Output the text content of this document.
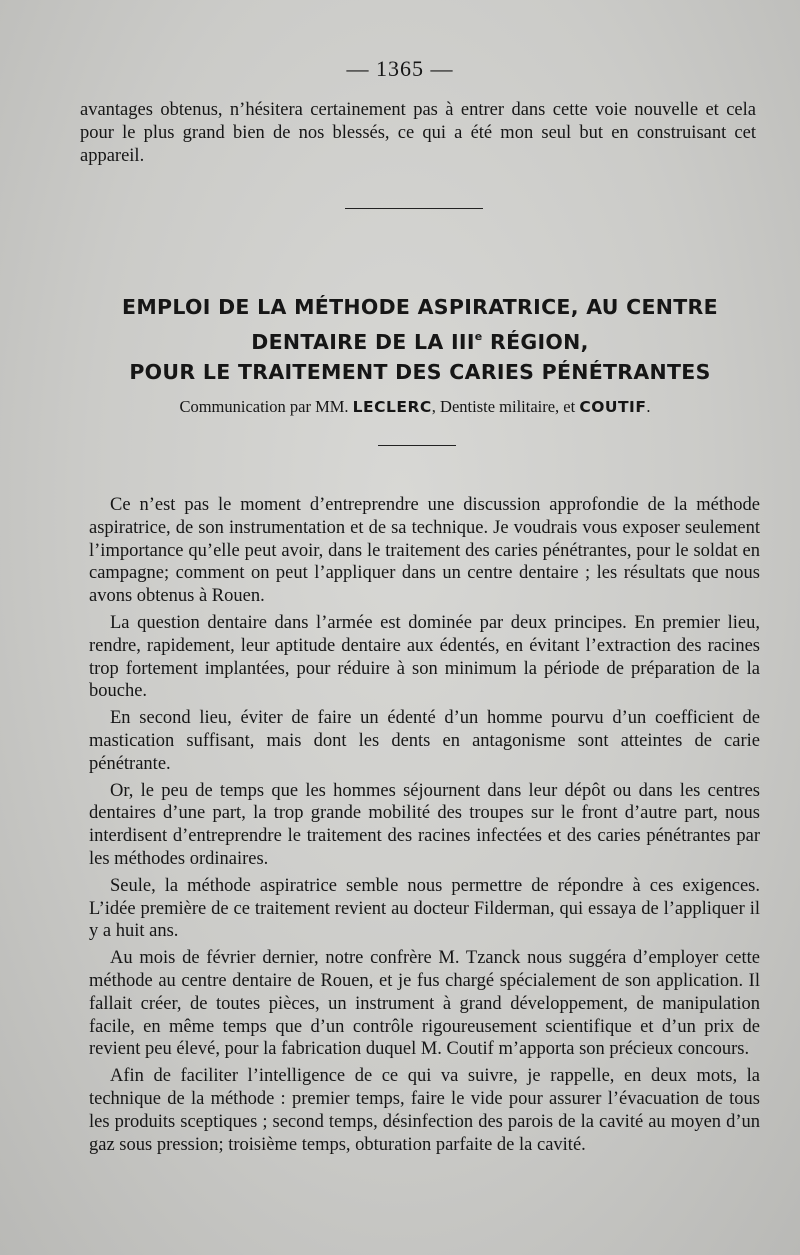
— 1365 —

avantages obtenus, n’hésitera certainement pas à entrer dans cette voie nouvelle et cela pour le plus grand bien de nos blessés, ce qui a été mon seul but en construisant cet appareil.

EMPLOI DE LA MÉTHODE ASPIRATRICE, AU CENTRE
DENTAIRE DE LA IIIe RÉGION,
POUR LE TRAITEMENT DES CARIES PÉNÉTRANTES
Communication par MM. LECLERC, Dentiste militaire, et COUTIF.

Ce n’est pas le moment d’entreprendre une discussion approfondie de la méthode aspiratrice, de son instrumentation et de sa technique. Je voudrais vous exposer seulement l’importance qu’elle peut avoir, dans le traitement des caries pénétrantes, pour le soldat en campagne; comment on peut l’appliquer dans un centre dentaire ; les résultats que nous avons obtenus à Rouen.

La question dentaire dans l’armée est dominée par deux principes. En premier lieu, rendre, rapidement, leur aptitude dentaire aux édentés, en évitant l’extraction des racines trop fortement implantées, pour réduire à son minimum la période de préparation de la bouche.

En second lieu, éviter de faire un édenté d’un homme pourvu d’un coefficient de mastication suffisant, mais dont les dents en antagonisme sont atteintes de carie pénétrante.

Or, le peu de temps que les hommes séjournent dans leur dépôt ou dans les centres dentaires d’une part, la trop grande mobilité des troupes sur le front d’autre part, nous interdisent d’entreprendre le traitement des racines infectées et des caries pénétrantes par les méthodes ordinaires.

Seule, la méthode aspiratrice semble nous permettre de répondre à ces exigences. L’idée première de ce traitement revient au docteur Filderman, qui essaya de l’appliquer il y a huit ans.

Au mois de février dernier, notre confrère M. Tzanck nous suggéra d’employer cette méthode au centre dentaire de Rouen, et je fus chargé spécialement de son application. Il fallait créer, de toutes pièces, un instrument à grand développement, de manipulation facile, en même temps que d’un contrôle rigoureusement scientifique et d’un prix de revient peu élevé, pour la fabrication duquel M. Coutif m’apporta son précieux concours.

Afin de faciliter l’intelligence de ce qui va suivre, je rappelle, en deux mots, la technique de la méthode : premier temps, faire le vide pour assurer l’évacuation de tous les produits sceptiques ; second temps, désinfection des parois de la cavité au moyen d’un gaz sous pression; troisième temps, obturation parfaite de la cavité.
